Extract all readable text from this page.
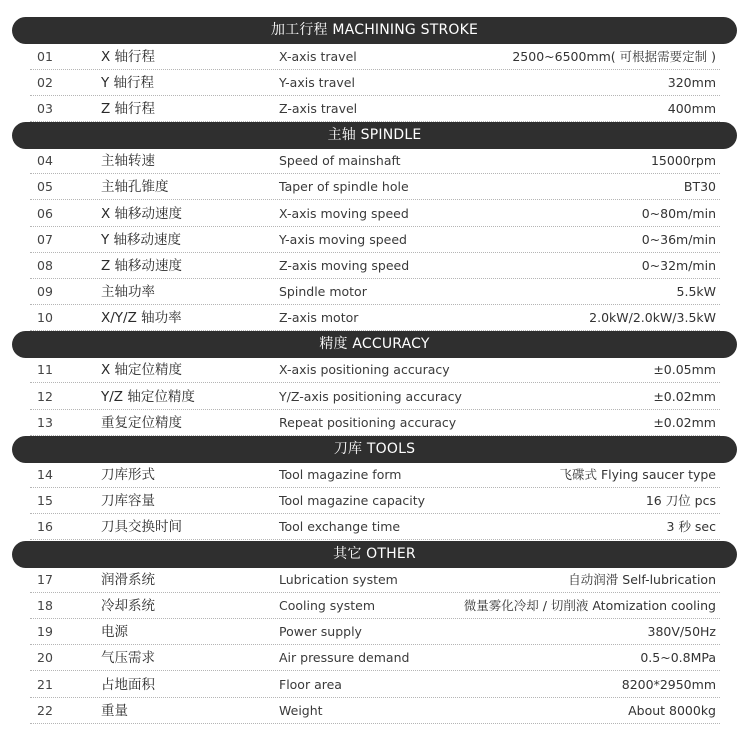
加工行程 MACHINING STROKE
01	X 轴行程	X-axis travel	2500~6500mm( 可根据需要定制 )
02	Y 轴行程	Y-axis travel	320mm
03	Z 轴行程	Z-axis travel	400mm
主轴 SPINDLE
04	主轴转速	Speed of mainshaft	15000rpm
05	主轴孔锥度	Taper of spindle hole	BT30
06	X 轴移动速度	X-axis moving speed	0~80m/min
07	Y 轴移动速度	Y-axis moving speed	0~36m/min
08	Z 轴移动速度	Z-axis moving speed	0~32m/min
09	主轴功率	Spindle motor	5.5kW
10	X/Y/Z 轴功率	Z-axis motor	2.0kW/2.0kW/3.5kW
精度 ACCURACY
11	X 轴定位精度	X-axis positioning accuracy	±0.05mm
12	Y/Z 轴定位精度	Y/Z-axis positioning accuracy	±0.02mm
13	重复定位精度	Repeat positioning accuracy	±0.02mm
刀库 TOOLS
14	刀库形式	Tool magazine form	飞碟式 Flying saucer type
15	刀库容量	Tool magazine capacity	16 刀位 pcs
16	刀具交换时间	Tool exchange time	3 秒 sec
其它 OTHER
17	润滑系统	Lubrication system	自动润滑 Self-lubrication
18	冷却系统	Cooling system	微量雾化冷却 / 切削液 Atomization cooling
19	电源	Power supply	380V/50Hz
20	气压需求	Air pressure demand	0.5~0.8MPa
21	占地面积	Floor area	8200*2950mm
22	重量	Weight	About 8000kg
